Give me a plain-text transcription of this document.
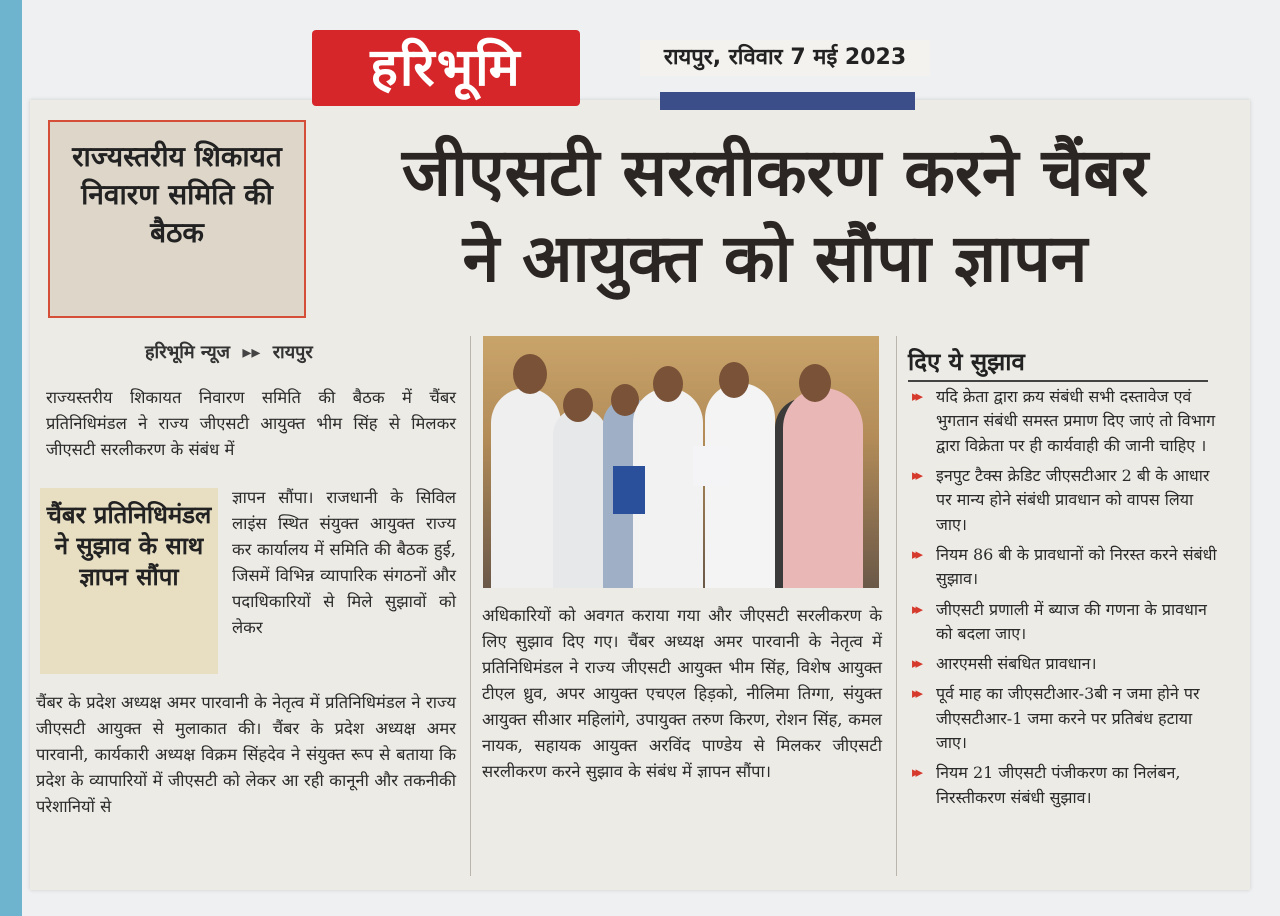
हरिभूमि	रायपुर, रविवार 7 मई 2023
राज्यस्तरीय शिकायत निवारण समिति की बैठक
जीएसटी सरलीकरण करने चैंबर
ने आयुक्त को सौंपा ज्ञापन
हरिभूमि न्यूज ▸▸ रायपुर
राज्यस्तरीय शिकायत निवारण समिति की बैठक में चैंबर प्रतिनिधिमंडल ने राज्य जीएसटी आयुक्त भीम सिंह से मिलकर जीएसटी सरलीकरण के संबंध में
चैंबर प्रतिनिधिमंडल ने सुझाव के साथ ज्ञापन सौंपा
ज्ञापन सौंपा। राजधानी के सिविल लाइंस स्थित संयुक्त आयुक्त राज्य कर कार्यालय में समिति की बैठक हुई, जिसमें विभिन्न व्यापारिक संगठनों और पदाधिकारियों से मिले सुझावों को लेकर
चैंबर के प्रदेश अध्यक्ष अमर पारवानी के नेतृत्व में प्रतिनिधिमंडल ने राज्य जीएसटी आयुक्त से मुलाकात की। चैंबर के प्रदेश अध्यक्ष अमर पारवानी, कार्यकारी अध्यक्ष विक्रम सिंहदेव ने संयुक्त रूप से बताया कि प्रदेश के व्यापारियों में जीएसटी को लेकर आ रही कानूनी और तकनीकी परेशानियों से
अधिकारियों को अवगत कराया गया और जीएसटी सरलीकरण के लिए सुझाव दिए गए। चैंबर अध्यक्ष अमर पारवानी के नेतृत्व में प्रतिनिधिमंडल ने राज्य जीएसटी आयुक्त भीम सिंह, विशेष आयुक्त टीएल ध्रुव, अपर आयुक्त एचएल हिड़को, नीलिमा तिग्गा, संयुक्त आयुक्त सीआर महिलांगे, उपायुक्त तरुण किरण, रोशन सिंह, कमल नायक, सहायक आयुक्त अरविंद पाण्डेय से मिलकर जीएसटी सरलीकरण करने सुझाव के संबंध में ज्ञापन सौंपा।
दिए ये सुझाव
▸▸ यदि क्रेता द्वारा क्रय संबंधी सभी दस्तावेज एवं भुगतान संबंधी समस्त प्रमाण दिए जाएं तो विभाग द्वारा विक्रेता पर ही कार्यवाही की जानी चाहिए ।
▸▸ इनपुट टैक्स क्रेडिट जीएसटीआर 2 बी के आधार पर मान्य होने संबंधी प्रावधान को वापस लिया जाए।
▸▸ नियम 86 बी के प्रावधानों को निरस्त करने संबंधी सुझाव।
▸▸ जीएसटी प्रणाली में ब्याज की गणना के प्रावधान को बदला जाए।
▸▸ आरएमसी संबधित प्रावधान।
▸▸ पूर्व माह का जीएसटीआर-3बी न जमा होने पर जीएसटीआर-1 जमा करने पर प्रतिबंध हटाया जाए।
▸▸ नियम 21 जीएसटी पंजीकरण का निलंबन, निरस्तीकरण संबंधी सुझाव।
